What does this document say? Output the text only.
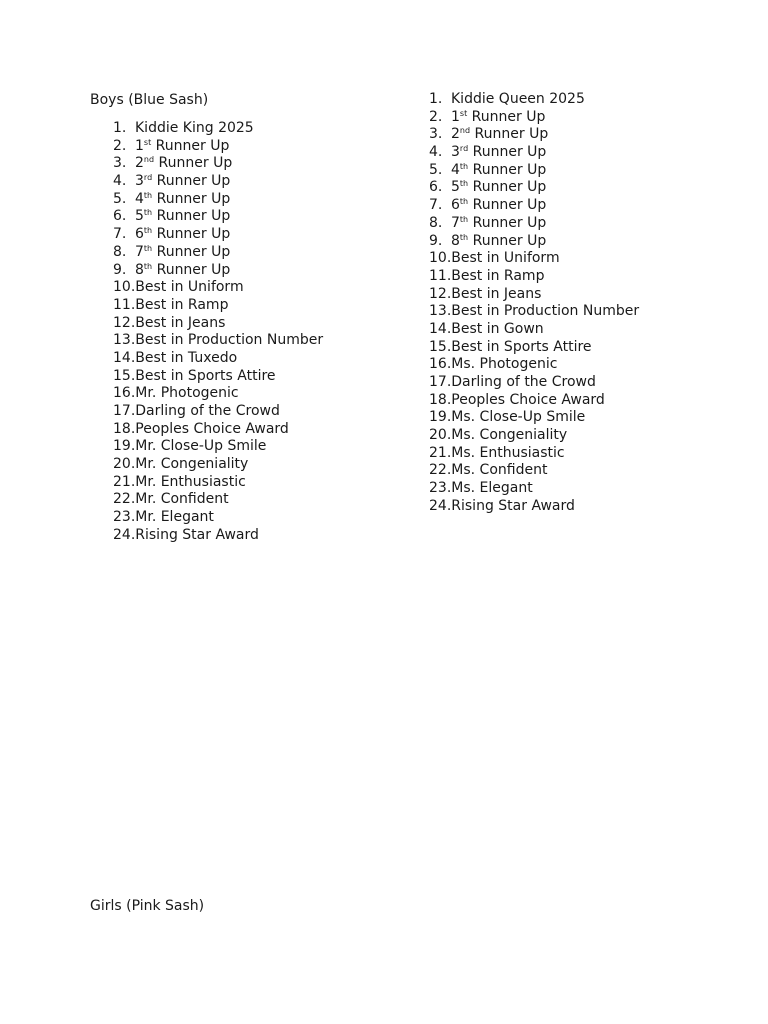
Boys (Blue Sash)
1. Kiddie King 2025
2. 1st Runner Up
3. 2nd Runner Up
4. 3rd Runner Up
5. 4th Runner Up
6. 5th Runner Up
7. 6th Runner Up
8. 7th Runner Up
9. 8th Runner Up
10.Best in Uniform
11.Best in Ramp
12.Best in Jeans
13.Best in Production Number
14.Best in Tuxedo
15.Best in Sports Attire
16.Mr. Photogenic
17.Darling of the Crowd
18.Peoples Choice Award
19.Mr. Close-Up Smile
20.Mr. Congeniality
21.Mr. Enthusiastic
22.Mr. Confident
23.Mr. Elegant
24.Rising Star Award
1. Kiddie Queen 2025
2. 1st Runner Up
3. 2nd Runner Up
4. 3rd Runner Up
5. 4th Runner Up
6. 5th Runner Up
7. 6th Runner Up
8. 7th Runner Up
9. 8th Runner Up
10.Best in Uniform
11.Best in Ramp
12.Best in Jeans
13.Best in Production Number
14.Best in Gown
15.Best in Sports Attire
16.Ms. Photogenic
17.Darling of the Crowd
18.Peoples Choice Award
19.Ms. Close-Up Smile
20.Ms. Congeniality
21.Ms. Enthusiastic
22.Ms. Confident
23.Ms. Elegant
24.Rising Star Award
Girls (Pink Sash)
